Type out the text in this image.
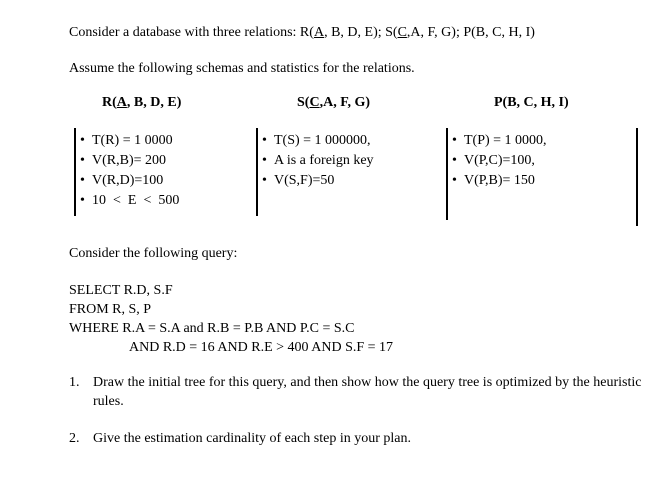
Consider a database with three relations: R(A, B, D, E); S(C,A, F, G); P(B, C, H, I)
Assume the following schemas and statistics for the relations.
R(A, B, D, E)	S(C,A, F, G)	P(B, C, H, I)
• T(R) = 1 0000
• V(R,B)= 200
• V(R,D)=100
• 10  <  E  <  500
• T(S) = 1 000000,
• A is a foreign key
• V(S,F)=50
• T(P) = 1 0000,
• V(P,C)=100,
• V(P,B)= 150
Consider the following query:
SELECT R.D, S.F
FROM R, S, P
WHERE R.A = S.A and R.B = P.B AND P.C = S.C
AND R.D = 16 AND R.E > 400 AND S.F = 17
1. Draw the initial tree for this query, and then show how the query tree is optimized by the heuristic rules.
2. Give the estimation cardinality of each step in your plan.
